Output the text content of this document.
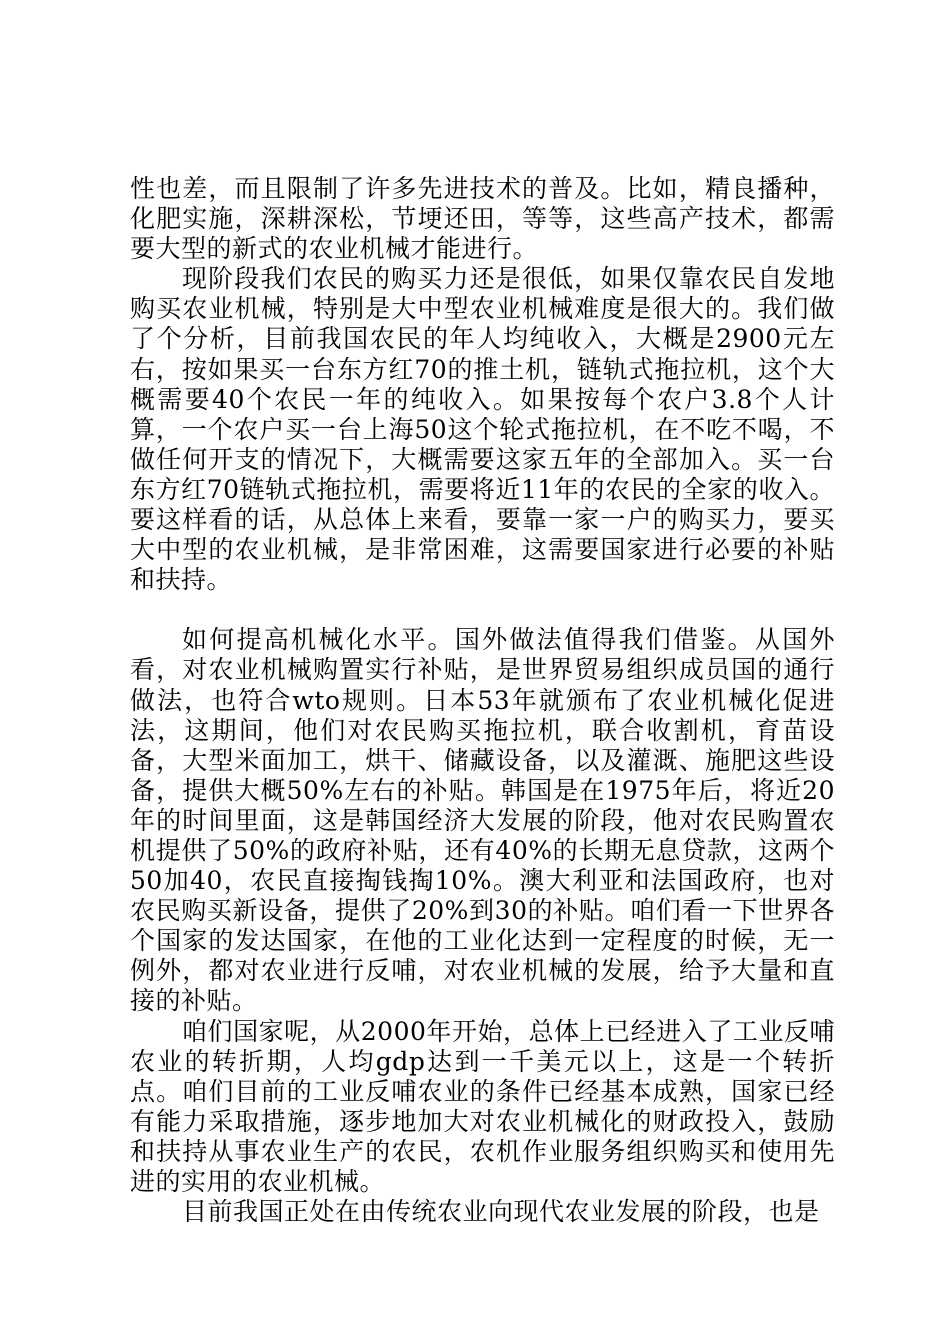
性也差，而且限制了许多先进技术的普及。比如，精良播种，化肥实施，深耕深松，节埂还田，等等，这些高产技术，都需要大型的新式的农业机械才能进行。

现阶段我们农民的购买力还是很低，如果仅靠农民自发地购买农业机械，特别是大中型农业机械难度是很大的。我们做了个分析，目前我国农民的年人均纯收入，大概是2900元左右，按如果买一台东方红70的推土机，链轨式拖拉机，这个大概需要40个农民一年的纯收入。如果按每个农户3.8个人计算，一个农户买一台上海50这个轮式拖拉机，在不吃不喝，不做任何开支的情况下，大概需要这家五年的全部加入。买一台东方红70链轨式拖拉机，需要将近11年的农民的全家的收入。要这样看的话，从总体上来看，要靠一家一户的购买力，要买大中型的农业机械，是非常困难，这需要国家进行必要的补贴和扶持。

如何提高机械化水平。国外做法值得我们借鉴。从国外看，对农业机械购置实行补贴，是世界贸易组织成员国的通行做法，也符合wto规则。日本53年就颁布了农业机械化促进法，这期间，他们对农民购买拖拉机，联合收割机，育苗设备，大型米面加工，烘干、储藏设备，以及灌溉、施肥这些设备，提供大概50%左右的补贴。韩国是在1975年后，将近20年的时间里面，这是韩国经济大发展的阶段，他对农民购置农机提供了50%的政府补贴，还有40%的长期无息贷款，这两个50加40，农民直接掏钱掏10%。澳大利亚和法国政府，也对农民购买新设备，提供了20%到30的补贴。咱们看一下世界各个国家的发达国家，在他的工业化达到一定程度的时候，无一例外，都对农业进行反哺，对农业机械的发展，给予大量和直接的补贴。

咱们国家呢，从2000年开始，总体上已经进入了工业反哺农业的转折期，人均gdp达到一千美元以上，这是一个转折点。咱们目前的工业反哺农业的条件已经基本成熟，国家已经有能力采取措施，逐步地加大对农业机械化的财政投入，鼓励和扶持从事农业生产的农民，农机作业服务组织购买和使用先进的实用的农业机械。

目前我国正处在由传统农业向现代农业发展的阶段，也是
